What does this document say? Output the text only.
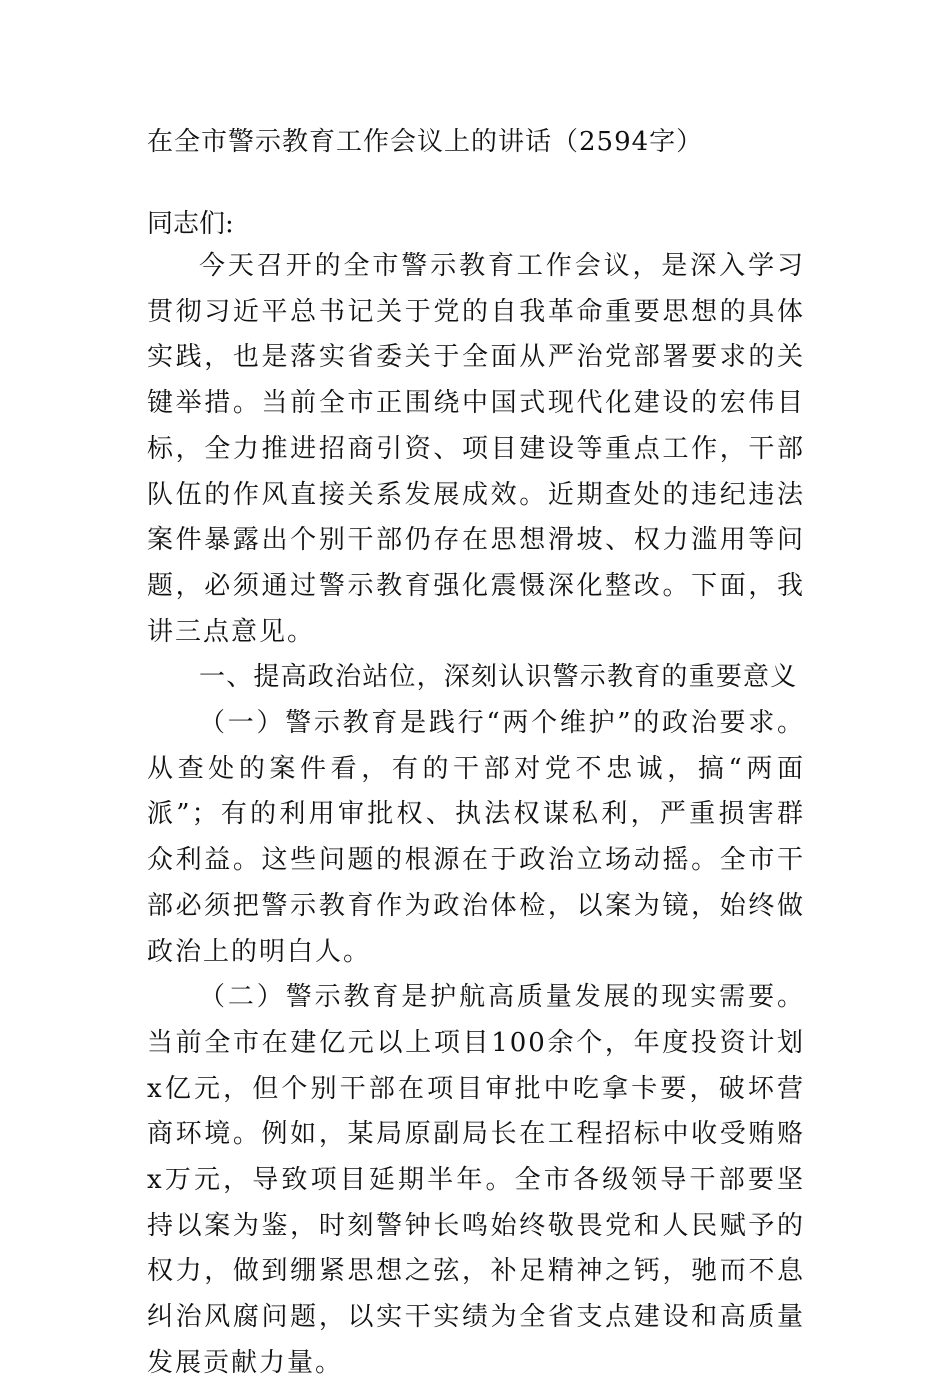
在全市警示教育工作会议上的讲话（2594字）
同志们:

今天召开的全市警示教育工作会议，是深入学习贯彻习近平总书记关于党的自我革命重要思想的具体实践，也是落实省委关于全面从严治党部署要求的关键举措。当前全市正围绕中国式现代化建设的宏伟目标，全力推进招商引资、项目建设等重点工作，干部队伍的作风直接关系发展成效。近期查处的违纪违法案件暴露出个别干部仍存在思想滑坡、权力滥用等问题，必须通过警示教育强化震慑深化整改。下面，我讲三点意见。

一、提高政治站位，深刻认识警示教育的重要意义

（一）警示教育是践行“两个维护”的政治要求。从查处的案件看，有的干部对党不忠诚，搞“两面派”；有的利用审批权、执法权谋私利，严重损害群众利益。这些问题的根源在于政治立场动摇。全市干部必须把警示教育作为政治体检，以案为镜，始终做政治上的明白人。

（二）警示教育是护航高质量发展的现实需要。当前全市在建亿元以上项目100余个，年度投资计划x亿元，但个别干部在项目审批中吃拿卡要，破坏营商环境。例如，某局原副局长在工程招标中收受贿赂x万元，导致项目延期半年。全市各级领导干部要坚持以案为鉴，时刻警钟长鸣始终敬畏党和人民赋予的权力，做到绷紧思想之弦，补足精神之钙，驰而不息纠治风腐问题，以实干实绩为全省支点建设和高质量发展贡献力量。
